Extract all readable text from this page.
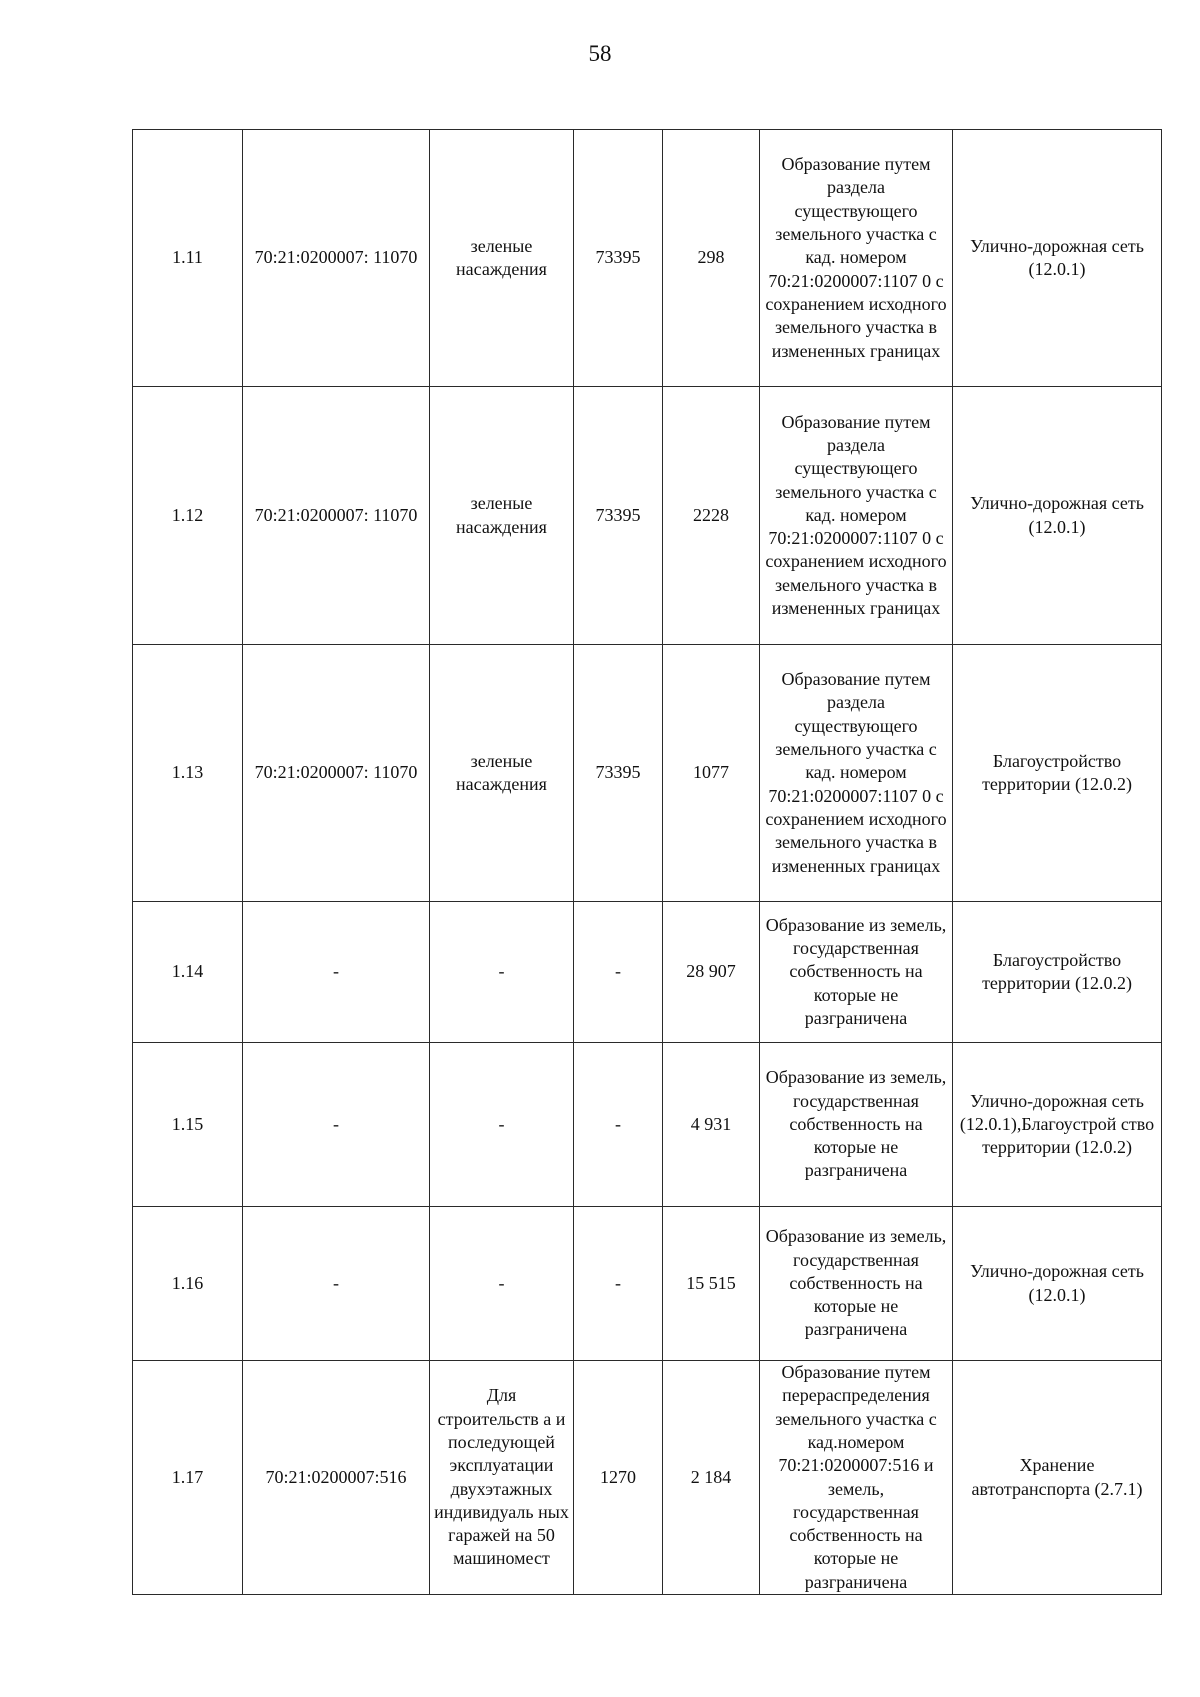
58
1.11	70:21:0200007: 11070	зеленые насаждения	73395	298	Образование путем раздела существующего земельного участка с кад. номером 70:21:0200007:1107 0 с сохранением исходного земельного участка в измененных границах	Улично-дорожная сеть (12.0.1)
1.12	70:21:0200007: 11070	зеленые насаждения	73395	2228	Образование путем раздела существующего земельного участка с кад. номером 70:21:0200007:1107 0 с сохранением исходного земельного участка в измененных границах	Улично-дорожная сеть (12.0.1)
1.13	70:21:0200007: 11070	зеленые насаждения	73395	1077	Образование путем раздела существующего земельного участка с кад. номером 70:21:0200007:1107 0 с сохранением исходного земельного участка в измененных границах	Благоустройство территории (12.0.2)
1.14	-	-	-	28 907	Образование из земель, государственная собственность на которые не разграничена	Благоустройство территории (12.0.2)
1.15	-	-	-	4 931	Образование из земель, государственная собственность на которые не разграничена	Улично-дорожная сеть (12.0.1),Благоустрой ство территории (12.0.2)
1.16	-	-	-	15 515	Образование из земель, государственная собственность на которые не разграничена	Улично-дорожная сеть (12.0.1)
1.17	70:21:0200007:516	Для строительств а и последующей эксплуатации двухэтажных индивидуаль ных гаражей на 50 машиномест	1270	2 184	Образование путем перераспределения земельного участка с кад.номером 70:21:0200007:516 и земель, государственная собственность на которые не разграничена	Хранение автотранспорта (2.7.1)
